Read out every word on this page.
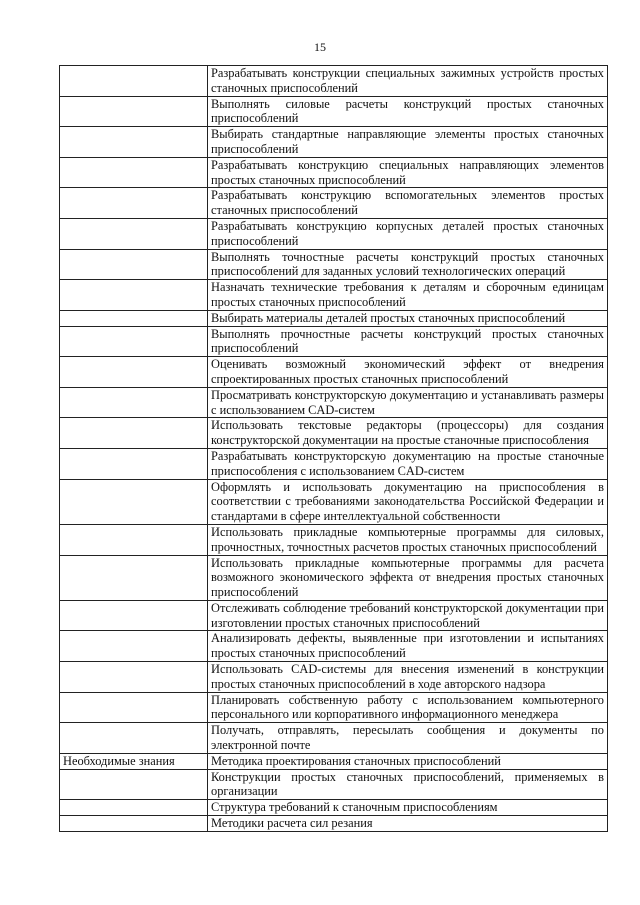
15
	Разрабатывать конструкции специальных зажимных устройств простых станочных приспособлений
	Выполнять силовые расчеты конструкций простых станочных приспособлений
	Выбирать стандартные направляющие элементы простых станочных приспособлений
	Разрабатывать конструкцию специальных направляющих элементов простых станочных приспособлений
	Разрабатывать конструкцию вспомогательных элементов простых станочных приспособлений
	Разрабатывать конструкцию корпусных деталей простых станочных приспособлений
	Выполнять точностные расчеты конструкций простых станочных приспособлений для заданных условий технологических операций
	Назначать технические требования к деталям и сборочным единицам простых станочных приспособлений
	Выбирать материалы деталей простых станочных приспособлений
	Выполнять прочностные расчеты конструкций простых станочных приспособлений
	Оценивать возможный экономический эффект от внедрения спроектированных простых станочных приспособлений
	Просматривать конструкторскую документацию и устанавливать размеры с использованием CAD-систем
	Использовать текстовые редакторы (процессоры) для создания конструкторской документации на простые станочные приспособления
	Разрабатывать конструкторскую документацию на простые станочные приспособления с использованием CAD-систем
	Оформлять и использовать документацию на приспособления в соответствии с требованиями законодательства Российской Федерации и стандартами в сфере интеллектуальной собственности
	Использовать прикладные компьютерные программы для силовых, прочностных, точностных расчетов простых станочных приспособлений
	Использовать прикладные компьютерные программы для расчета возможного экономического эффекта от внедрения простых станочных приспособлений
	Отслеживать соблюдение требований конструкторской документации при изготовлении простых станочных приспособлений
	Анализировать дефекты, выявленные при изготовлении и испытаниях простых станочных приспособлений
	Использовать CAD-системы для внесения изменений в конструкции простых станочных приспособлений в ходе авторского надзора
	Планировать собственную работу с использованием компьютерного персонального или корпоративного информационного менеджера
	Получать, отправлять, пересылать сообщения и документы по электронной почте
Необходимые знания	Методика проектирования станочных приспособлений
	Конструкции простых станочных приспособлений, применяемых в организации
	Структура требований к станочным приспособлениям
	Методики расчета сил резания
